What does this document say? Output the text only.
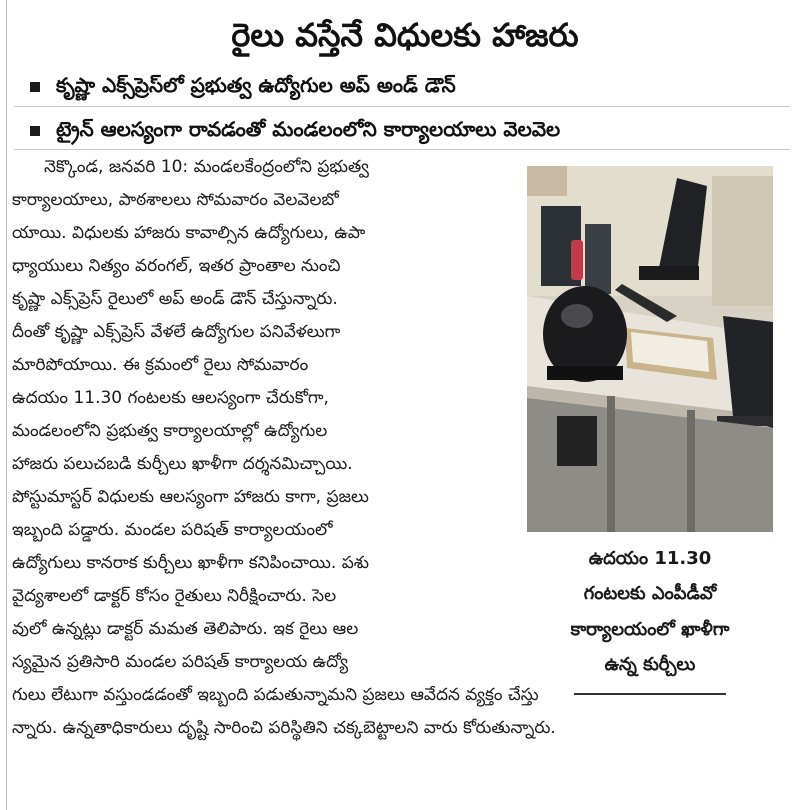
రైలు వస్తేనే విధులకు హాజరు
కృష్ణా ఎక్స్‌ప్రెస్‌లో ప్రభుత్వ ఉద్యోగుల అప్ అండ్ డౌన్
ట్రైన్ ఆలస్యంగా రావడంతో మండలంలోని కార్యాలయాలు వెలవెల
నెక్కొండ, జనవరి 10: మండలకేంద్రంలోని ప్రభుత్వ
కార్యాలయాలు, పాఠశాలలు సోమవారం వెలవెలబో
యాయి. విధులకు హాజరు కావాల్సిన ఉద్యోగులు, ఉపా
ధ్యాయులు నిత్యం వరంగల్, ఇతర ప్రాంతాల నుంచి
కృష్ణా ఎక్స్‌ప్రెస్ రైలులో అప్ అండ్ డౌన్ చేస్తున్నారు.
దీంతో కృష్ణా ఎక్స్‌ప్రెస్ వేళలే ఉద్యోగుల పనివేళలుగా
మారిపోయాయి. ఈ క్రమంలో రైలు సోమవారం
ఉదయం 11.30 గంటలకు ఆలస్యంగా చేరుకోగా,
మండలంలోని ప్రభుత్వ కార్యాలయాల్లో ఉద్యోగుల
హాజరు పలుచబడి కుర్చీలు ఖాళీగా దర్శనమిచ్చాయి.
పోస్టుమాస్టర్ విధులకు ఆలస్యంగా హాజరు కాగా, ప్రజలు
ఇబ్బంది పడ్డారు. మండల పరిషత్ కార్యాలయంలో
ఉద్యోగులు కానరాక కుర్చీలు ఖాళీగా కనిపించాయి. పశు
వైద్యశాలలో డాక్టర్ కోసం రైతులు నిరీక్షించారు. సెల
వులో ఉన్నట్లు డాక్టర్ మమత తెలిపారు. ఇక రైలు ఆల
స్యమైన ప్రతిసారి మండల పరిషత్ కార్యాలయ ఉద్యో
గులు లేటుగా వస్తుండడంతో ఇబ్బంది పడుతున్నామని ప్రజలు ఆవేదన వ్యక్తం చేస్తు
న్నారు. ఉన్నతాధికారులు దృష్టి సారించి పరిస్థితిని చక్కబెట్టాలని వారు కోరుతున్నారు.
ఉదయం 11.30
గంటలకు ఎంపీడీవో
కార్యాలయంలో ఖాళీగా
ఉన్న కుర్చీలు
